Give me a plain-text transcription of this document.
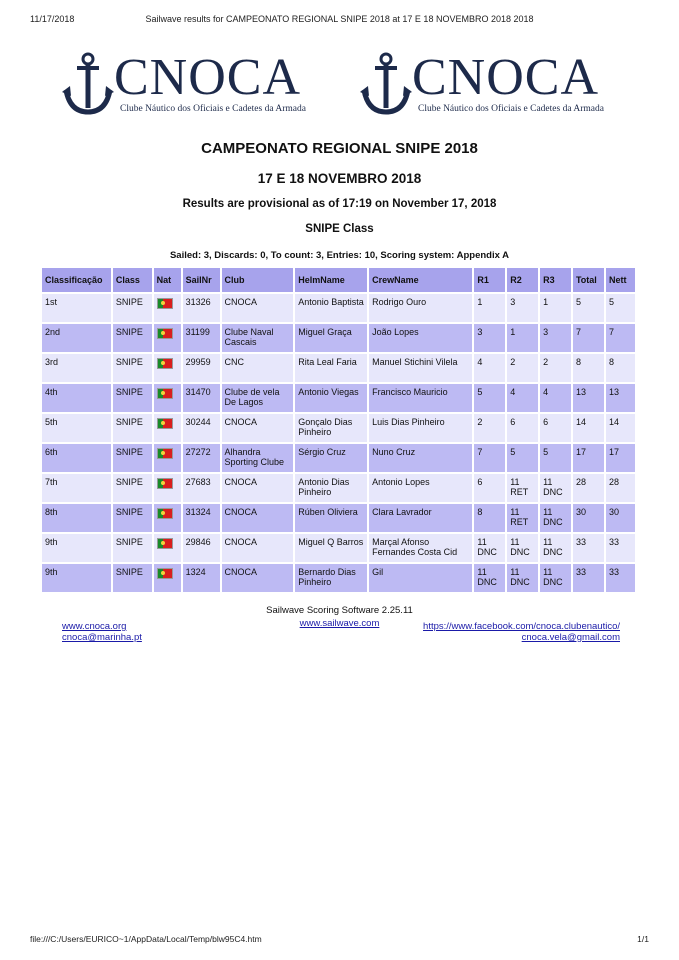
11/17/2018	Sailwave results for CAMPEONATO REGIONAL SNIPE 2018 at 17 E 18 NOVEMBRO 2018 2018
CNOCA
Clube Náutico dos Oficiais e Cadetes da Armada
CNOCA
Clube Náutico dos Oficiais e Cadetes da Armada
CAMPEONATO REGIONAL SNIPE 2018
17 E 18 NOVEMBRO 2018
Results are provisional as of 17:19 on November 17, 2018
SNIPE Class
Sailed: 3, Discards: 0, To count: 3, Entries: 10, Scoring system: Appendix A
Classificação	Class	Nat	SailNr	Club	HelmName	CrewName	R1	R2	R3	Total	Nett
1st	SNIPE		31326	CNOCA	Antonio Baptista	Rodrigo Ouro	1	3	1	5	5
2nd	SNIPE		31199	Clube Naval Cascais	Miguel Graça	João Lopes	3	1	3	7	7
3rd	SNIPE		29959	CNC	Rita Leal Faria	Manuel Stichini Vilela	4	2	2	8	8
4th	SNIPE		31470	Clube de vela De Lagos	Antonio Viegas	Francisco Mauricio	5	4	4	13	13
5th	SNIPE		30244	CNOCA	Gonçalo Dias Pinheiro	Luis Dias Pinheiro	2	6	6	14	14
6th	SNIPE		27272	Alhandra Sporting Clube	Sérgio Cruz	Nuno Cruz	7	5	5	17	17
7th	SNIPE		27683	CNOCA	Antonio Dias Pinheiro	Antonio Lopes	6	11 RET	11 DNC	28	28
8th	SNIPE		31324	CNOCA	Rúben Oliviera	Clara Lavrador	8	11 RET	11 DNC	30	30
9th	SNIPE		29846	CNOCA	Miguel Q Barros	Marçal Afonso Fernandes Costa Cid	11 DNC	11 DNC	11 DNC	33	33
9th	SNIPE		1324	CNOCA	Bernardo Dias Pinheiro	Gil	11 DNC	11 DNC	11 DNC	33	33
Sailwave Scoring Software 2.25.11
www.sailwave.com
www.cnoca.org
cnoca@marinha.pt
https://www.facebook.com/cnoca.clubenautico/
cnoca.vela@gmail.com
file:///C:/Users/EURICO~1/AppData/Local/Temp/blw95C4.htm	1/1
